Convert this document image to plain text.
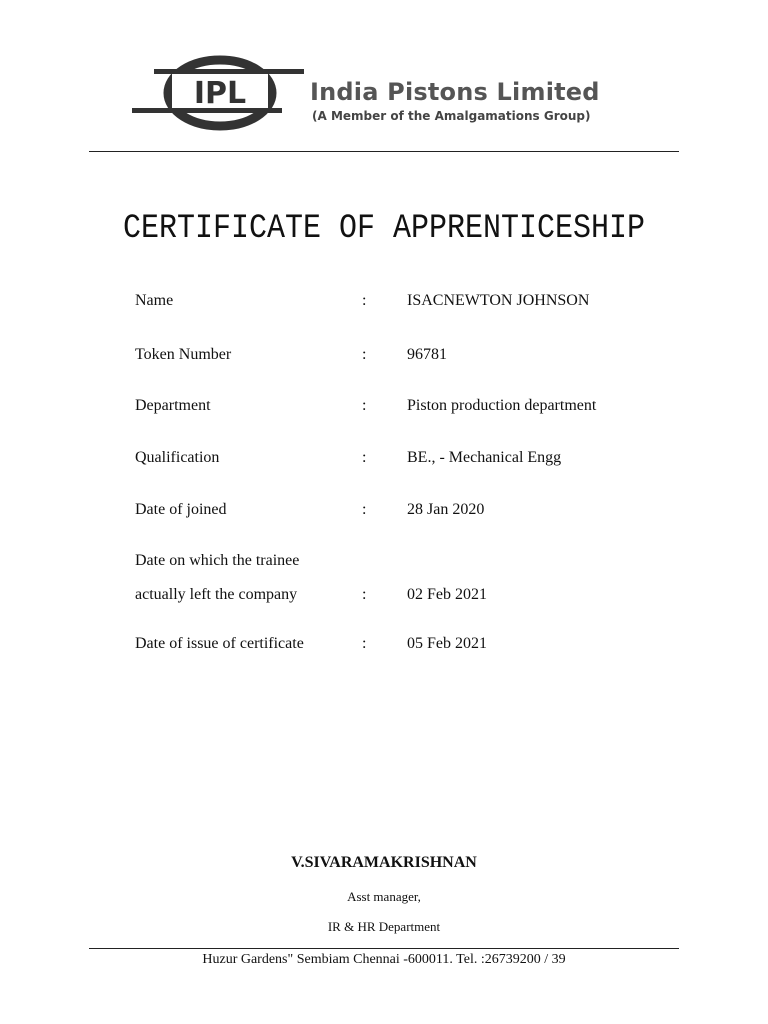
IPL	India Pistons Limited
(A Member of the Amalgamations Group)
CERTIFICATE OF APPRENTICESHIP
Name	:	ISACNEWTON JOHNSON
Token Number	:	96781
Department	:	Piston production department
Qualification	:	BE., - Mechanical Engg
Date of joined	:	28 Jan 2020
Date on which the trainee
actually left the company	:	02 Feb 2021
Date of issue of certificate	:	05 Feb 2021
V.SIVARAMAKRISHNAN
Asst manager,
IR & HR Department
Huzur Gardens" Sembiam Chennai -600011. Tel. :26739200 / 39
